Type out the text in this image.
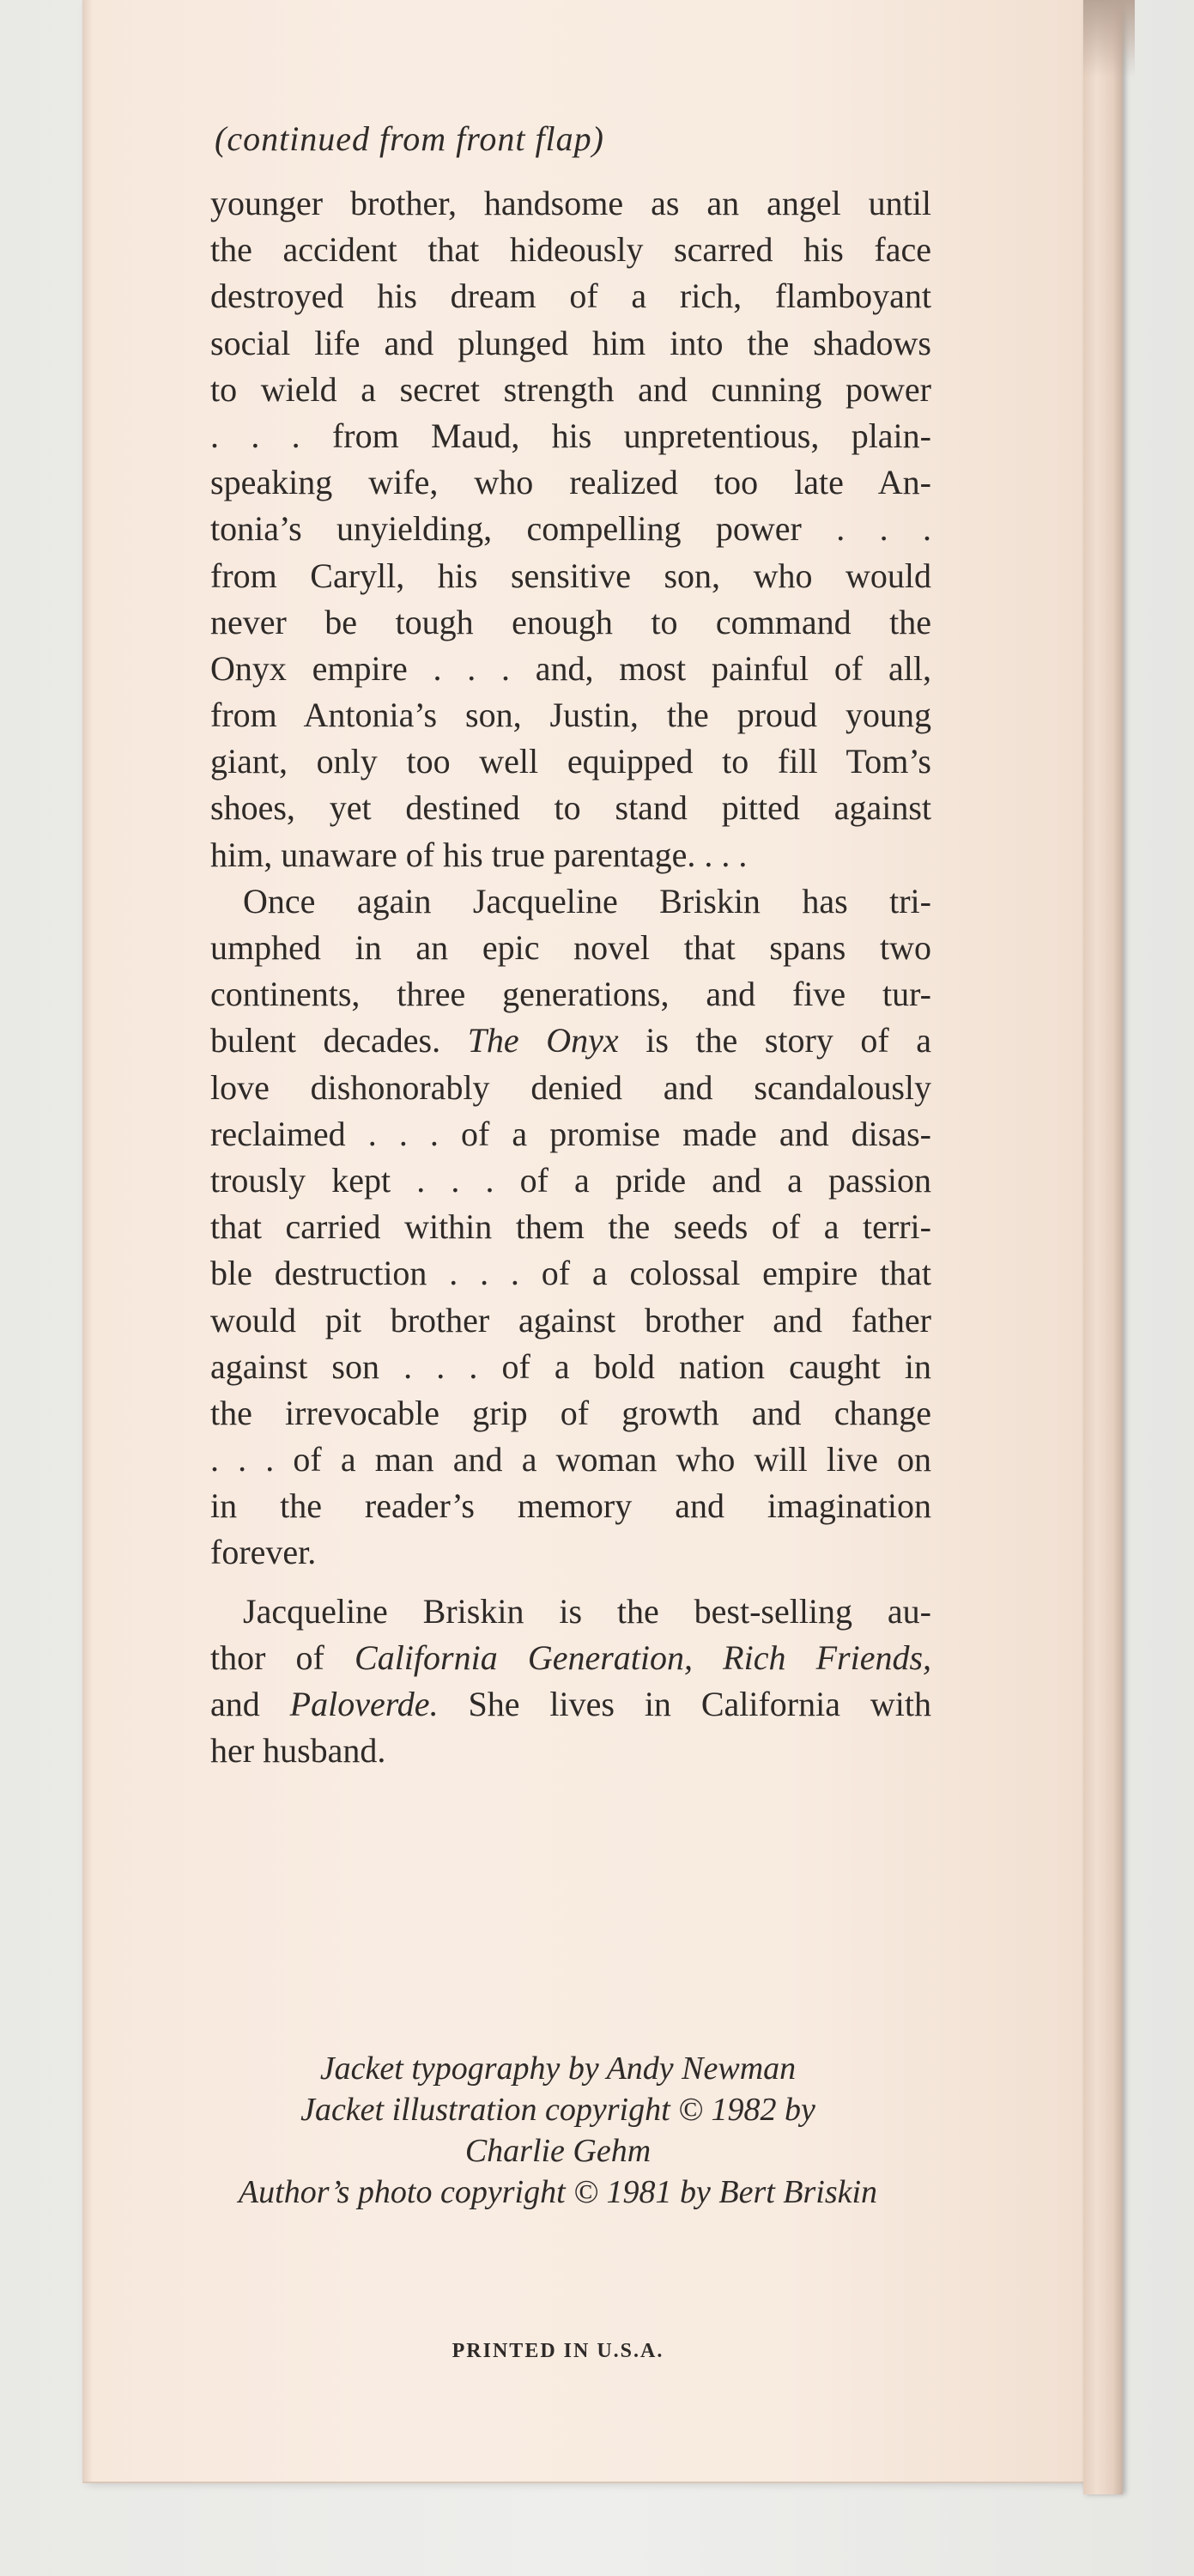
(continued from front flap)
younger brother, handsome as an angel until
the accident that hideously scarred his face
destroyed his dream of a rich, flamboyant
social life and plunged him into the shadows
to wield a secret strength and cunning power
. . . from Maud, his unpretentious, plain-
speaking wife, who realized too late An-
tonia’s unyielding, compelling power . . .
from Caryll, his sensitive son, who would
never be tough enough to command the
Onyx empire . . . and, most painful of all,
from Antonia’s son, Justin, the proud young
giant, only too well equipped to fill Tom’s
shoes, yet destined to stand pitted against
him, unaware of his true parentage. . . .
Once again Jacqueline Briskin has tri-
umphed in an epic novel that spans two
continents, three generations, and five tur-
bulent decades. The Onyx is the story of a
love dishonorably denied and scandalously
reclaimed . . . of a promise made and disas-
trously kept . . . of a pride and a passion
that carried within them the seeds of a terri-
ble destruction . . . of a colossal empire that
would pit brother against brother and father
against son . . . of a bold nation caught in
the irrevocable grip of growth and change
. . . of a man and a woman who will live on
in the reader’s memory and imagination
forever.
Jacqueline Briskin is the best-selling au-
thor of California Generation, Rich Friends,
and Paloverde. She lives in California with
her husband.
Jacket typography by Andy Newman
Jacket illustration copyright © 1982 by
Charlie Gehm
Author’s photo copyright © 1981 by Bert Briskin
PRINTED IN U.S.A.
